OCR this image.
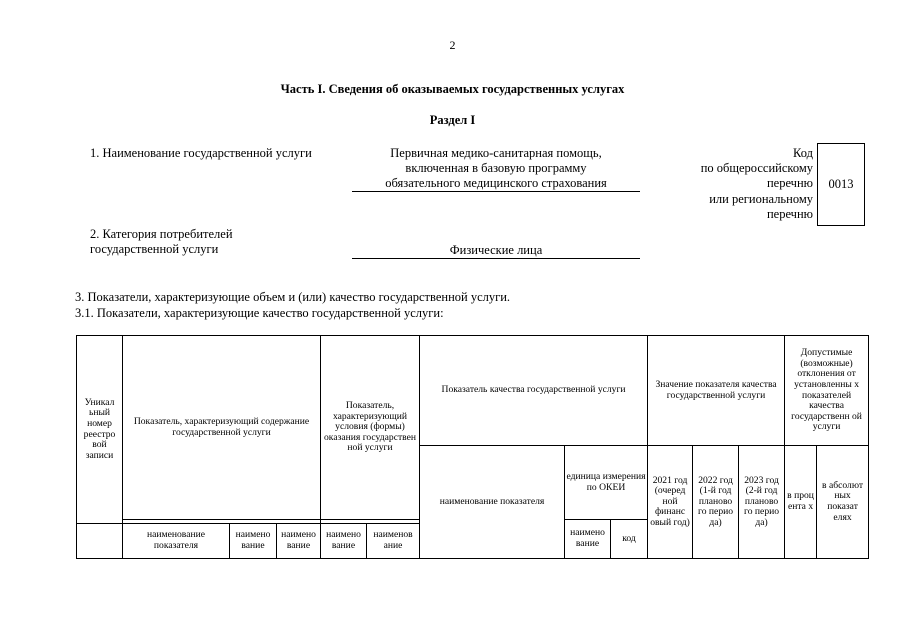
2
Часть I. Сведения об оказываемых государственных услугах
Раздел I
1. Наименование государственной услуги	Первичная медико-санитарная помощь,
включенная в базовую программу
обязательного медицинского страхования
Код
по общероссийскому
перечню
или региональному
перечню
0013
2. Категория потребителей
государственной услуги	Физические лица
3. Показатели, характеризующие объем и (или) качество государственной услуги.
3.1. Показатели, характеризующие качество государственной услуги:
Уникал ьный номер реестро вой записи	Показатель, характеризующий содержание государственной услуги			Показатель, характеризующий условия (формы) оказания государствен ной услуги		Показатель качества государственной услуги			Значение показателя качества государственной услуги			Допустимые (возможные) отклонения от установленны х показателей качества государственн ой услуги	
						наименование показателя	единица измерения по ОКЕИ		2021 год (очеред ной финанс овый год)	2022 год (1-й год планово го перио да)	2023 год (2-й год планово го перио да)	в проц ента х	в абсолют ных показат елях
							наимено вание	код					
	наименование показателя	наимено вание	наимено вание	наимено вание	наименов ание								
